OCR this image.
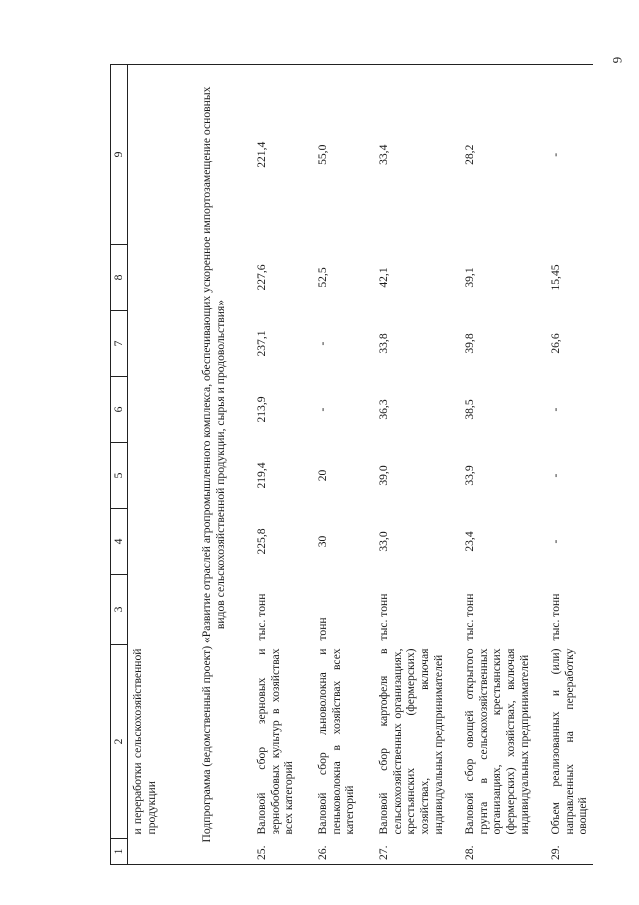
6
1	2	3	4	5	6	7	8	9
	и переработки сельскохозяйственной продукции							
Подпрограмма (ведомственный проект) «Развитие отраслей агропромышленного комплекса, обеспечивающих ускоренное импортозамещение основных видов сельскохозяйственной продукции, сырья и продовольствия»								
25.	Валовой сбор зерновых и зернобобовых культур в хозяйствах всех категорий	тыс. тонн	225,8	219,4	213,9	237,1	227,6	221,4
26.	Валовой сбор льноволокна и пеньковолокна в хозяйствах всех категорий	тонн	30	20	-	-	52,5	55,0
27.	Валовой сбор картофеля в сельскохозяйственных организациях, крестьянских (фермерских) хозяйствах, включая индивидуальных предпринимателей	тыс. тонн	33,0	39,0	36,3	33,8	42,1	33,4
28.	Валовой сбор овощей открытого грунта в сельскохозяйственных организациях, крестьянских (фермерских) хозяйствах, включая индивидуальных предпринимателей	тыс. тонн	23,4	33,9	38,5	39,8	39,1	28,2
29.	Объем реализованных и (или) направленных на переработку овощей	тыс. тонн	-	-	-	26,6	15,45	-
